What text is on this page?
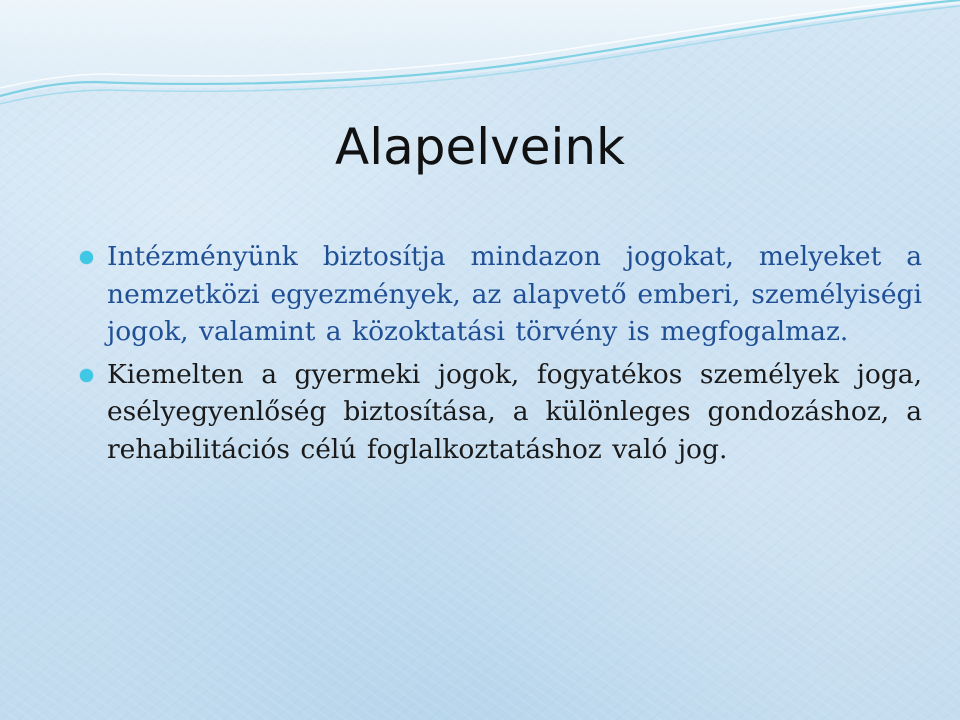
Alapelveink
Intézményünk biztosítja mindazon jogokat, melyeket a nemzetközi egyezmények, az alapvető emberi, személyiségi jogok, valamint a közoktatási törvény is megfogalmaz.
Kiemelten a gyermeki jogok, fogyatékos személyek joga, esélyegyenlőség biztosítása, a különleges gondozáshoz, a rehabilitációs célú foglalkoztatáshoz való jog.
